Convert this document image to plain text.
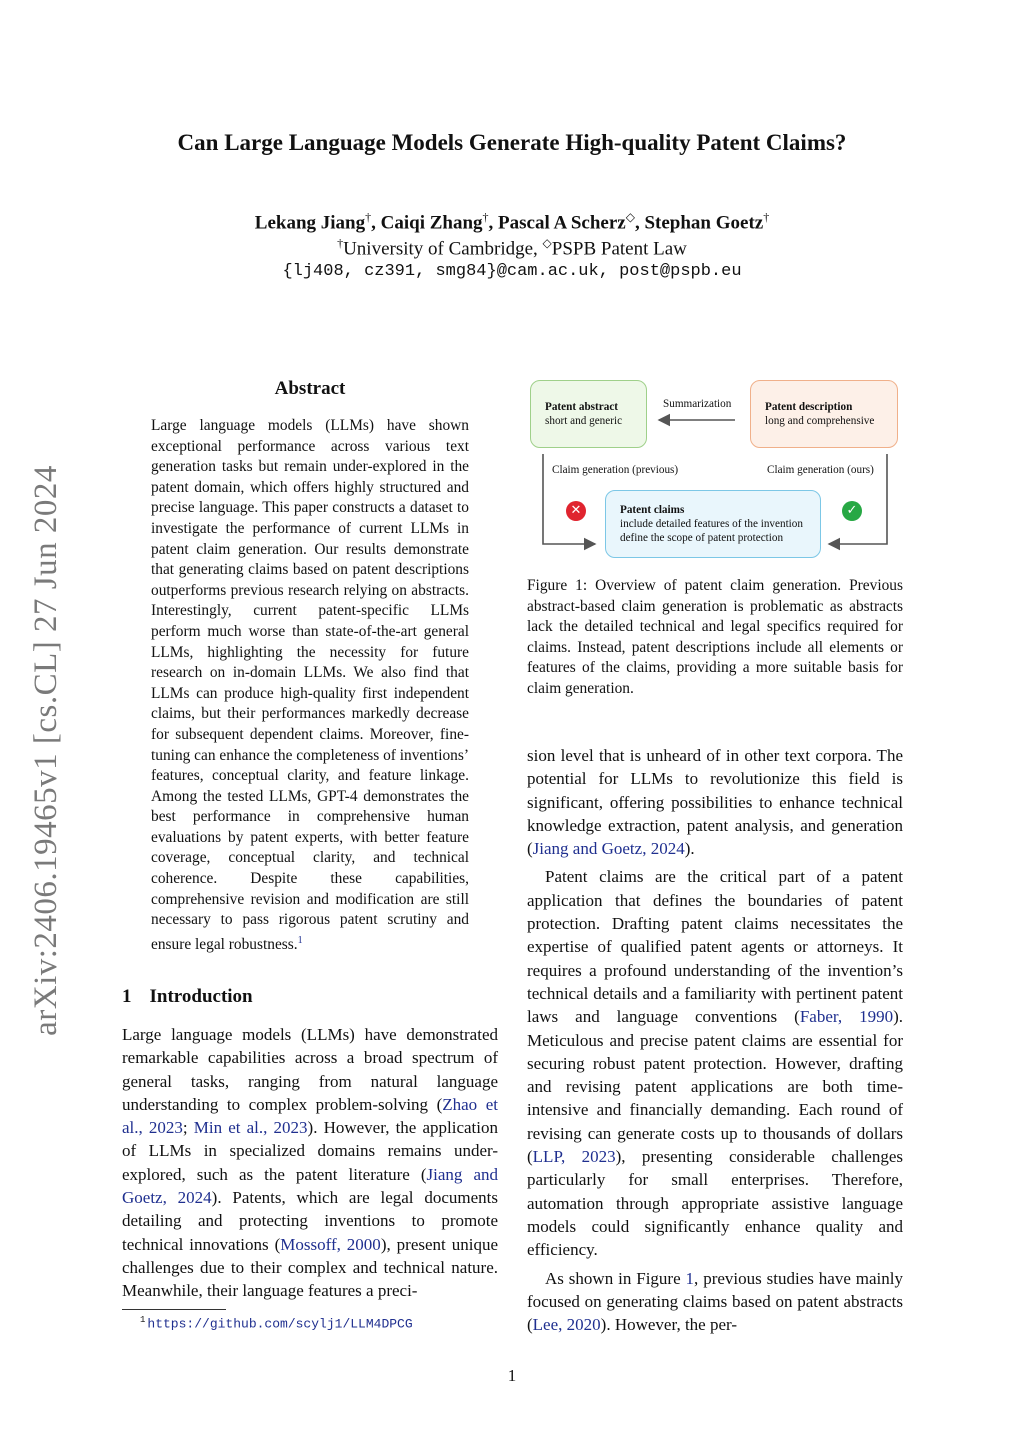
arXiv:2406.19465v1 [cs.CL] 27 Jun 2024
Can Large Language Models Generate High-quality Patent Claims?
Lekang Jiang†, Caiqi Zhang†, Pascal A Scherz◇, Stephan Goetz†
†University of Cambridge, ◇PSPB Patent Law
{lj408, cz391, smg84}@cam.ac.uk, post@pspb.eu
Abstract
Large language models (LLMs) have shown exceptional performance across various text generation tasks but remain under-explored in the patent domain, which offers highly structured and precise language. This paper constructs a dataset to investigate the performance of current LLMs in patent claim generation. Our results demonstrate that generating claims based on patent descriptions outperforms previous research relying on abstracts. Interestingly, current patent-specific LLMs perform much worse than state-of-the-art general LLMs, highlighting the necessity for future research on in-domain LLMs. We also find that LLMs can produce high-quality first independent claims, but their performances markedly decrease for subsequent dependent claims. Moreover, fine-tuning can enhance the completeness of inventions’ features, conceptual clarity, and feature linkage. Among the tested LLMs, GPT-4 demonstrates the best performance in comprehensive human evaluations by patent experts, with better feature coverage, conceptual clarity, and technical coherence. Despite these capabilities, comprehensive revision and modification are still necessary to pass rigorous patent scrutiny and ensure legal robustness.$^1$
1 Introduction
Large language models (LLMs) have demonstrated remarkable capabilities across a broad spectrum of general tasks, ranging from natural language understanding to complex problem-solving (Zhao et al., 2023; Min et al., 2023). However, the application of LLMs in specialized domains remains under-explored, such as the patent literature (Jiang and Goetz, 2024). Patents, which are legal documents detailing and protecting inventions to promote technical innovations (Mossoff, 2000), present unique challenges due to their complex and technical nature. Meanwhile, their language features a preci-
$^1$ https://github.com/scylj1/LLM4DPCG
Patent abstract
short and generic
Summarization	Patent description
long and comprehensive
Claim generation (previous)	Claim generation (ours)
✕	✓
Patent claims
include detailed features of the invention
define the scope of patent protection
Figure 1: Overview of patent claim generation. Previous abstract-based claim generation is problematic as abstracts lack the detailed technical and legal specifics required for claims. Instead, patent descriptions include all elements or features of the claims, providing a more suitable basis for claim generation.

sion level that is unheard of in other text corpora. The potential for LLMs to revolutionize this field is significant, offering possibilities to enhance technical knowledge extraction, patent analysis, and generation (Jiang and Goetz, 2024).

Patent claims are the critical part of a patent application that defines the boundaries of patent protection. Drafting patent claims necessitates the expertise of qualified patent agents or attorneys. It requires a profound understanding of the invention’s technical details and a familiarity with pertinent patent laws and language conventions (Faber, 1990). Meticulous and precise patent claims are essential for securing robust patent protection. However, drafting and revising patent applications are both time-intensive and financially demanding. Each round of revising can generate costs up to thousands of dollars (LLP, 2023), presenting considerable challenges particularly for small enterprises. Therefore, automation through appropriate assistive language models could significantly enhance quality and efficiency.

As shown in Figure 1, previous studies have mainly focused on generating claims based on patent abstracts (Lee, 2020). However, the per-

1
